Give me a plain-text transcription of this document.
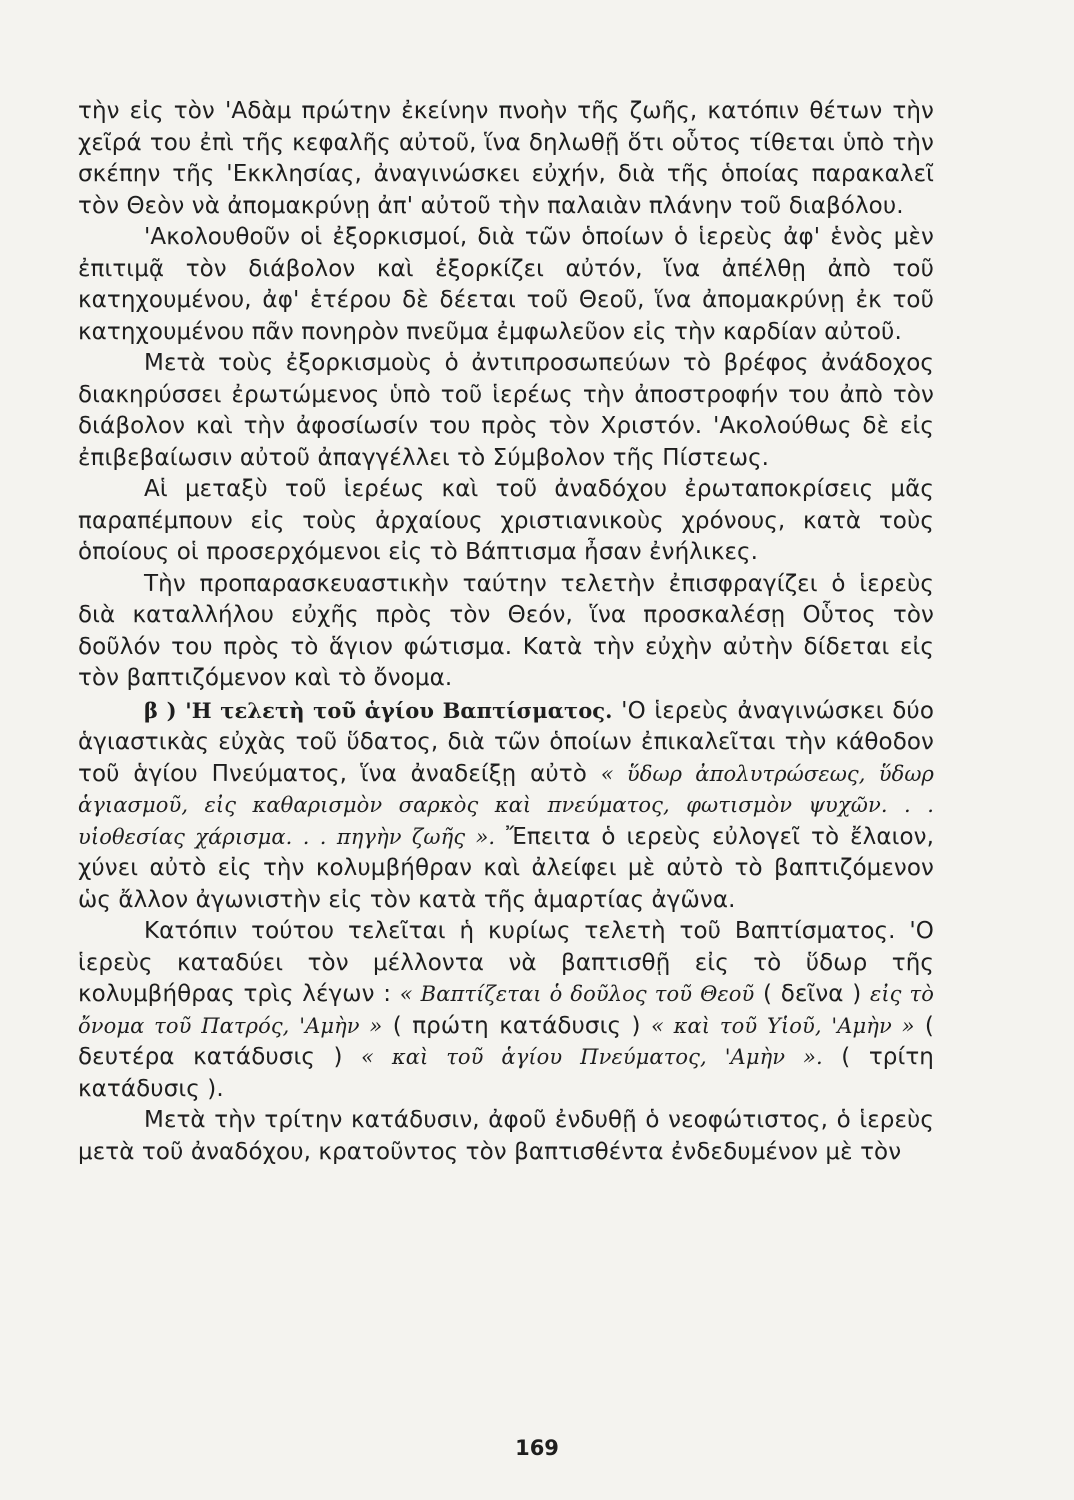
τὴν εἰς τὸν 'Αδὰμ πρώτην ἐκείνην πνοὴν τῆς ζωῆς, κατόπιν θέτων τὴν χεῖρά του ἐπὶ τῆς κεφαλῆς αὐτοῦ, ἵνα δηλωθῇ ὅτι οὗτος τίθεται ὑπὸ τὴν σκέπην τῆς 'Εκκλησίας, ἀναγινώσκει εὐχήν, διὰ τῆς ὁποίας παρακαλεῖ τὸν Θεὸν νὰ ἀπομακρύνῃ ἀπ' αὐτοῦ τὴν παλαιὰν πλάνην τοῦ διαβόλου.

'Ακολουθοῦν οἱ ἐξορκισμοί, διὰ τῶν ὁποίων ὁ ἱερεὺς ἀφ' ἑνὸς μὲν ἐπιτιμᾷ τὸν διάβολον καὶ ἐξορκίζει αὐτόν, ἵνα ἀπέλθῃ ἀπὸ τοῦ κατηχουμένου, ἀφ' ἑτέρου δὲ δέεται τοῦ Θεοῦ, ἵνα ἀπομακρύνῃ ἐκ τοῦ κατηχουμένου πᾶν πονηρὸν πνεῦμα ἐμφωλεῦον εἰς τὴν καρδίαν αὐτοῦ.

Μετὰ τοὺς ἐξορκισμοὺς ὁ ἀντιπροσωπεύων τὸ βρέφος ἀνάδοχος διακηρύσσει ἐρωτώμενος ὑπὸ τοῦ ἱερέως τὴν ἀποστροφήν του ἀπὸ τὸν διάβολον καὶ τὴν ἀφοσίωσίν του πρὸς τὸν Χριστόν. 'Ακολούθως δὲ εἰς ἐπιβεβαίωσιν αὐτοῦ ἀπαγγέλλει τὸ Σύμβολον τῆς Πίστεως.

Αἱ μεταξὺ τοῦ ἱερέως καὶ τοῦ ἀναδόχου ἐρωταποκρίσεις μᾶς παραπέμπουν εἰς τοὺς ἀρχαίους χριστιανικοὺς χρόνους, κατὰ τοὺς ὁποίους οἱ προσερχόμενοι εἰς τὸ Βάπτισμα ἦσαν ἐνήλικες.

Τὴν προπαρασκευαστικὴν ταύτην τελετὴν ἐπισφραγίζει ὁ ἱερεὺς διὰ καταλλήλου εὐχῆς πρὸς τὸν Θεόν, ἵνα προσκαλέσῃ Οὗτος τὸν δοῦλόν του πρὸς τὸ ἅγιον φώτισμα. Κατὰ τὴν εὐχὴν αὐτὴν δίδεται εἰς τὸν βαπτιζόμενον καὶ τὸ ὄνομα.

β ) 'Η τελετὴ τοῦ ἁγίου Βαπτίσματος. 'Ο ἱερεὺς ἀναγινώσκει δύο ἁγιαστικὰς εὐχὰς τοῦ ὕδατος, διὰ τῶν ὁποίων ἐπικαλεῖται τὴν κάθοδον τοῦ ἁγίου Πνεύματος, ἵνα ἀναδείξῃ αὐτὸ « ὕδωρ ἀπολυτρώσεως, ὕδωρ ἁγιασμοῦ, εἰς καθαρισμὸν σαρκὸς καὶ πνεύματος, φωτισμὸν ψυχῶν. . . υἱοθεσίας χάρισμα. . . πηγὴν ζωῆς ». Ἔπειτα ὁ ιερεὺς εὐλογεῖ τὸ ἔλαιον, χύνει αὐτὸ εἰς τὴν κολυμβήθραν καὶ ἀλείφει μὲ αὐτὸ τὸ βαπτιζόμενον ὡς ἄλλον ἀγωνιστὴν εἰς τὸν κατὰ τῆς ἁμαρτίας ἀγῶνα.

Κατόπιν τούτου τελεῖται ἡ κυρίως τελετὴ τοῦ Βαπτίσματος. 'Ο ἱερεὺς καταδύει τὸν μέλλοντα νὰ βαπτισθῇ εἰς τὸ ὕδωρ τῆς κολυμβήθρας τρὶς λέγων : « Βαπτίζεται ὁ δοῦλος τοῦ Θεοῦ ( δεῖνα ) εἰς τὸ ὄνομα τοῦ Πατρός, 'Αμὴν » ( πρώτη κατάδυσις ) « καὶ τοῦ Υἱοῦ, 'Αμὴν » ( δευτέρα κατάδυσις ) « καὶ τοῦ ἁγίου Πνεύματος, 'Αμὴν ». ( τρίτη κατάδυσις ).

Μετὰ τὴν τρίτην κατάδυσιν, ἀφοῦ ἐνδυθῇ ὁ νεοφώτιστος, ὁ ἱερεὺς μετὰ τοῦ ἀναδόχου, κρατοῦντος τὸν βαπτισθέντα ἐνδεδυμένον μὲ τὸν

169
